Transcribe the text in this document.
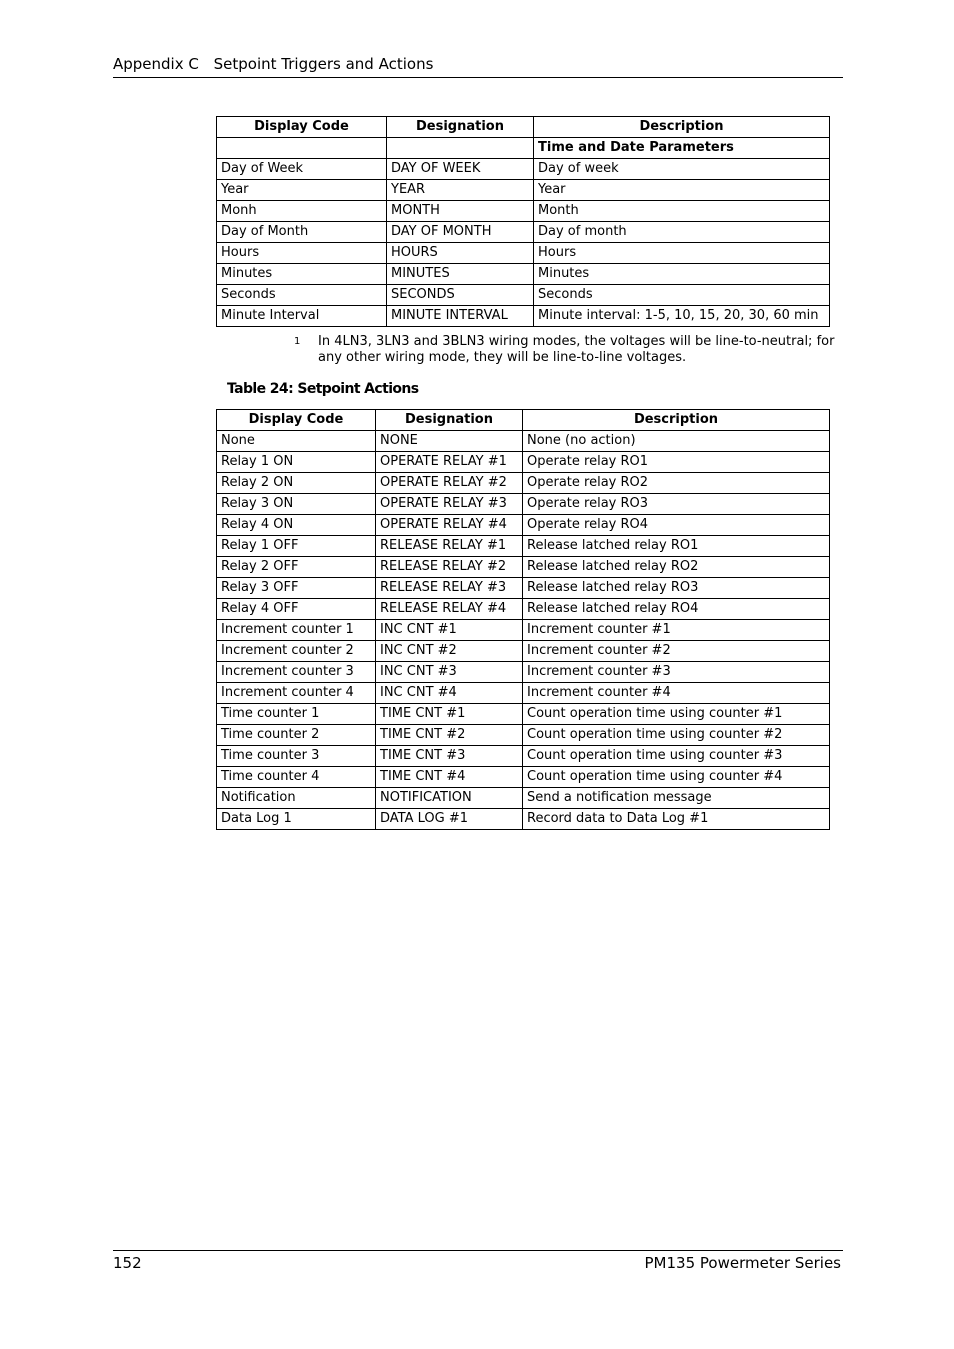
Appendix C Setpoint Triggers and Actions
Display Code	Designation	Description
		Time and Date Parameters
Day of Week	DAY OF WEEK	Day of week
Year	YEAR	Year
Monh	MONTH	Month
Day of Month	DAY OF MONTH	Day of month
Hours	HOURS	Hours
Minutes	MINUTES	Minutes
Seconds	SECONDS	Seconds
Minute Interval	MINUTE INTERVAL	Minute interval: 1-5, 10, 15, 20, 30, 60 min
1 In 4LN3, 3LN3 and 3BLN3 wiring modes, the voltages will be line-to-neutral; for any other wiring mode, they will be line-to-line voltages.
Table 24: Setpoint Actions
Display Code	Designation	Description
None	NONE	None (no action)
Relay 1 ON	OPERATE RELAY #1	Operate relay RO1
Relay 2 ON	OPERATE RELAY #2	Operate relay RO2
Relay 3 ON	OPERATE RELAY #3	Operate relay RO3
Relay 4 ON	OPERATE RELAY #4	Operate relay RO4
Relay 1 OFF	RELEASE RELAY #1	Release latched relay RO1
Relay 2 OFF	RELEASE RELAY #2	Release latched relay RO2
Relay 3 OFF	RELEASE RELAY #3	Release latched relay RO3
Relay 4 OFF	RELEASE RELAY #4	Release latched relay RO4
Increment counter 1	INC CNT #1	Increment counter #1
Increment counter 2	INC CNT #2	Increment counter #2
Increment counter 3	INC CNT #3	Increment counter #3
Increment counter 4	INC CNT #4	Increment counter #4
Time counter 1	TIME CNT #1	Count operation time using counter #1
Time counter 2	TIME CNT #2	Count operation time using counter #2
Time counter 3	TIME CNT #3	Count operation time using counter #3
Time counter 4	TIME CNT #4	Count operation time using counter #4
Notification	NOTIFICATION	Send a notification message
Data Log 1	DATA LOG #1	Record data to Data Log #1
152	PM135 Powermeter Series
